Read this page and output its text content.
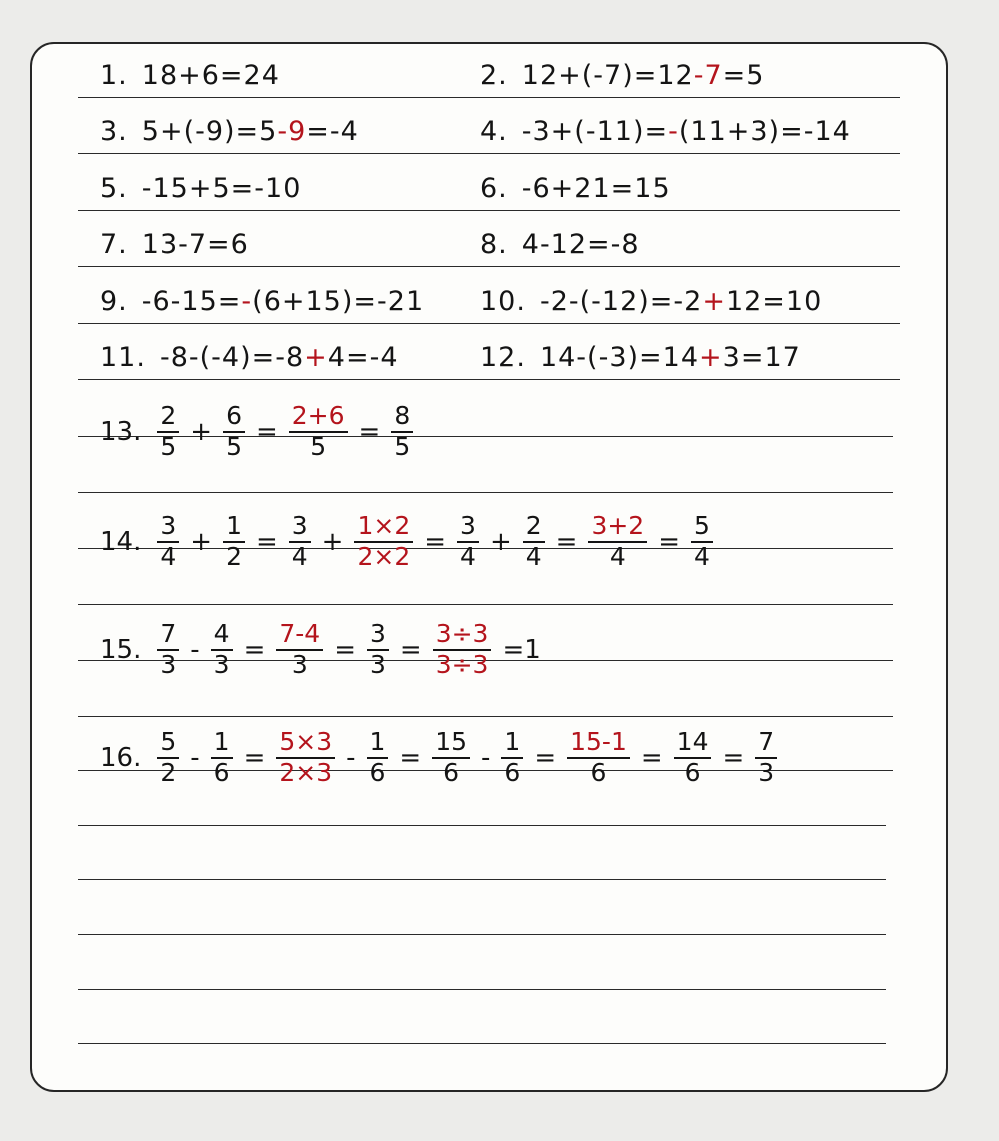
1. 18+6=24	2. 12+(-7)=12-7=5
3. 5+(-9)=5-9=-4	4. -3+(-11)=-(11+3)=-14
5. -15+5=-10	6. -6+21=15
7. 13-7=6	8. 4-12=-8
9. -6-15=-(6+15)=-21 10. -2-(-12)=-2+12=10
11. -8-(-4)=-8+4=-4	12. 14-(-3)=14+3=17
13. $\frac{2}{5} + \frac{6}{5} = \frac{2+6}{5} = \frac{8}{5}$
14. $\frac{3}{4} + \frac{1}{2} = \frac{3}{4} + \frac{1\times 2}{2\times 2} = \frac{3}{4} + \frac{2}{4} = \frac{3+2}{4} = \frac{5}{4}$
15. $\frac{7}{3} - \frac{4}{3} = \frac{7-4}{3} = \frac{3}{3} = \frac{3\div 3}{3\div 3} =1$
16. $\frac{5}{2} - \frac{1}{6} = \frac{5\times 3}{2\times 3} - \frac{1}{6} = \frac{15}{6} - \frac{1}{6} = \frac{15-1}{6} = \frac{14}{6} = \frac{7}{3}$
